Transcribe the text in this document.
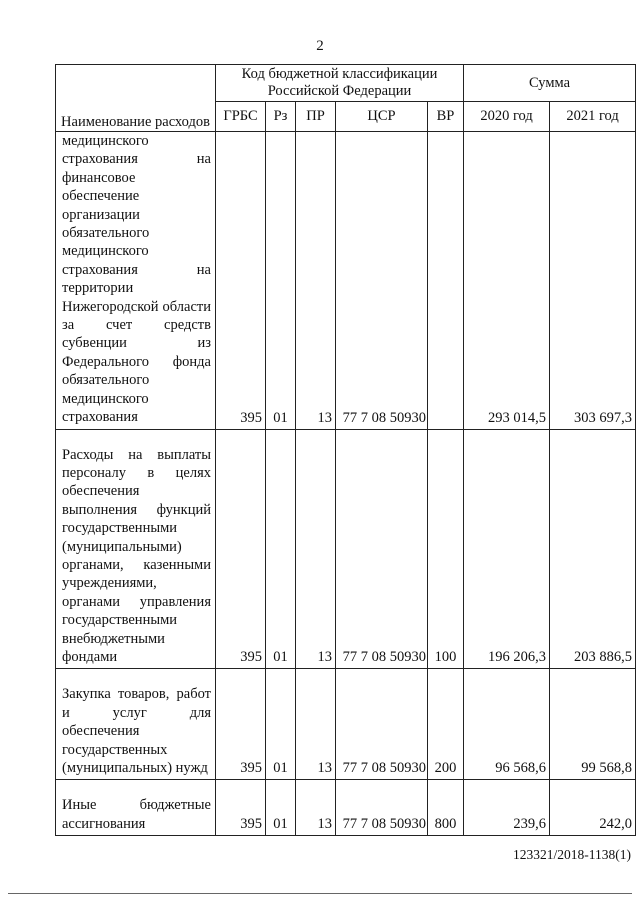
2
Наименование расходов	Код бюджетной классификации Российской Федерации					Сумма	
	ГРБС	Рз	ПР	ЦСР	ВР	2020 год	2021 год
медицинского страхования на финансовое обеспечение организации обязательного медицинского страхования на территории Нижегородской области за счет средств субвенции из Федерального фонда обязательного медицинского страхования	395	01	13	77 7 08 50930		293 014,5	303 697,3
Расходы на выплаты персоналу в целях обеспечения выполнения функций государственными (муниципальными) органами, казенными учреждениями, органами управления государственными внебюджетными фондами	395	01	13	77 7 08 50930	100	196 206,3	203 886,5
Закупка товаров, работ и услуг для обеспечения государственных (муниципальных) нужд	395	01	13	77 7 08 50930	200	96 568,6	99 568,8
Иные бюджетные ассигнования	395	01	13	77 7 08 50930	800	239,6	242,0
123321/2018-1138(1)
